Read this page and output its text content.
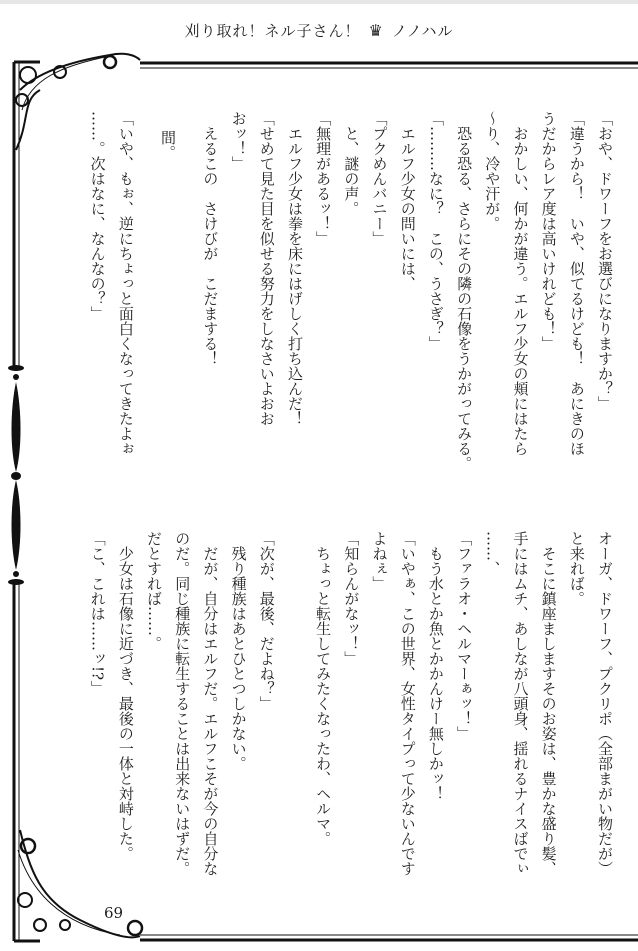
刈り取れ！ネル子さん！ ♛ ノノハル
「おや、ドワーフをお選びになりますか？」
「違うから！　いや、似てるけども！　あにきのほ
うだからレア度は高いけれども！」
　おかしい、何かが違う。エルフ少女の頬にはたら
～り、冷や汗が。
　恐る恐る、さらにその隣の石像をうかがってみる。
「………なに？　この、うさぎ？」
　エルフ少女の問いには、
「プクめんバニー」
　と、謎の声。
「無理があるッ！」
　エルフ少女は拳を床にはげしく打ち込んだ！
「せめて見た目を似せる努力をしなさいよおお
おッ！」
　えるこの　さけびが　こだまする！
　間。
「いや、もぉ、逆にちょっと面白くなってきたよぉ
……。次はなに、なんなの？」
オーガ、ドワーフ、プクリポ（全部まがい物だが）
と来れば。
　そこに鎮座ましますそのお姿は、豊かな盛り髪、
手にはムチ、あしなが八頭身、揺れるナイスばでぃ
……、
「ファラオ・ヘルマーぁッ！」
　もう水とか魚とかかんけー無しかッ！
「いやぁ、この世界、女性タイプって少ないんです
よねぇ」
「知らんがなッ！」
　ちょっと転生してみたくなったわ、ヘルマ。
「次が、最後、だよね？」
　残り種族はあとひとつしかない。
　だが、自分はエルフだ。エルフこそが今の自分な
のだ。同じ種族に転生することは出来ないはずだ。
だとすれば……。
　少女は石像に近づき、最後の一体と対峙した。
「こ、これは……ッ!?」
69
